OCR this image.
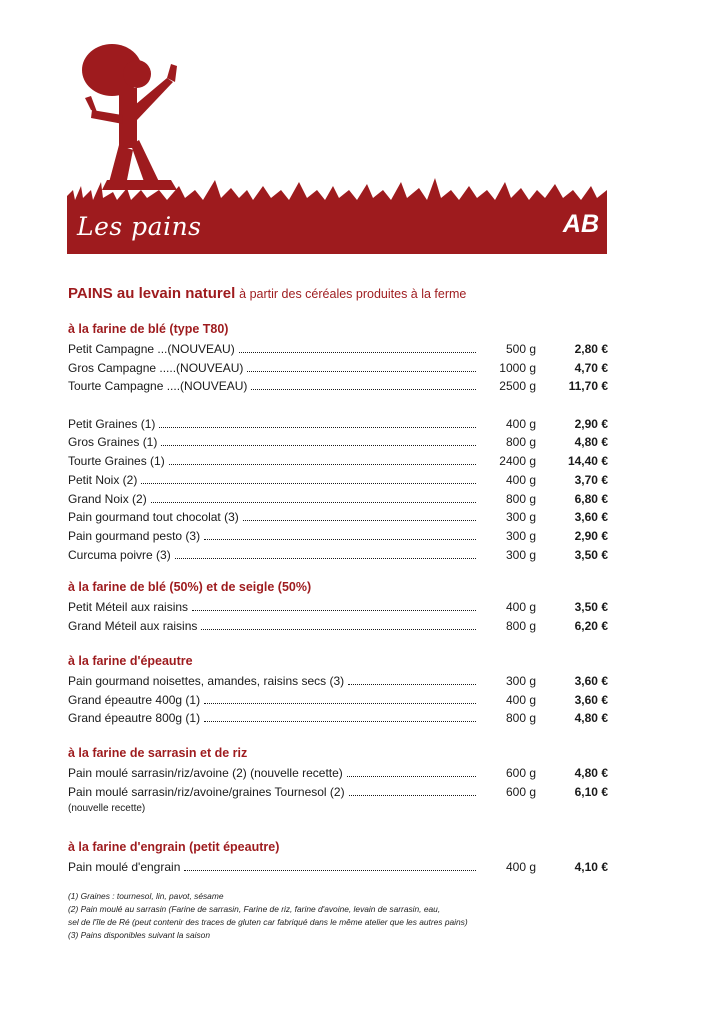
Les pains	AB
PAINS au levain naturel à partir des céréales produites à la ferme
à la farine de blé (type T80)
Petit Campagne ...(NOUVEAU)	500 g	2,80 €
Gros Campagne .....(NOUVEAU)	1000 g	4,70 €
Tourte Campagne ....(NOUVEAU)	2500 g	11,70 €
Petit Graines (1)	400 g	2,90 €
Gros Graines (1)	800 g	4,80 €
Tourte Graines (1)	2400 g	14,40 €
Petit Noix (2)	400 g	3,70 €
Grand Noix (2)	800 g	6,80 €
Pain gourmand tout chocolat (3)	300 g	3,60 €
Pain gourmand pesto (3)	300 g	2,90 €
Curcuma poivre (3)	300 g	3,50 €
à la farine de blé (50%) et de seigle (50%)
Petit Méteil aux raisins	400 g	3,50 €
Grand Méteil aux raisins	800 g	6,20 €
à la farine d'épeautre
Pain gourmand noisettes, amandes, raisins secs (3)	300 g	3,60 €
Grand épeautre 400g (1)	400 g	3,60 €
Grand épeautre 800g (1)	800 g	4,80 €
à la farine de sarrasin et de riz
Pain moulé sarrasin/riz/avoine (2) (nouvelle recette)	600 g	4,80 €
Pain moulé sarrasin/riz/avoine/graines Tournesol (2)	600 g	6,10 €
(nouvelle recette)
à la farine d'engrain (petit épeautre)
Pain moulé d'engrain	400 g	4,10 €
(1) Graines : tournesol, lin, pavot, sésame
(2) Pain moulé au sarrasin (Farine de sarrasin, Farine de riz, farine d'avoine, levain de sarrasin, eau,
sel de l'île de Ré (peut contenir des traces de gluten car fabriqué dans le même atelier que les autres pains)
(3) Pains disponibles suivant la saison
